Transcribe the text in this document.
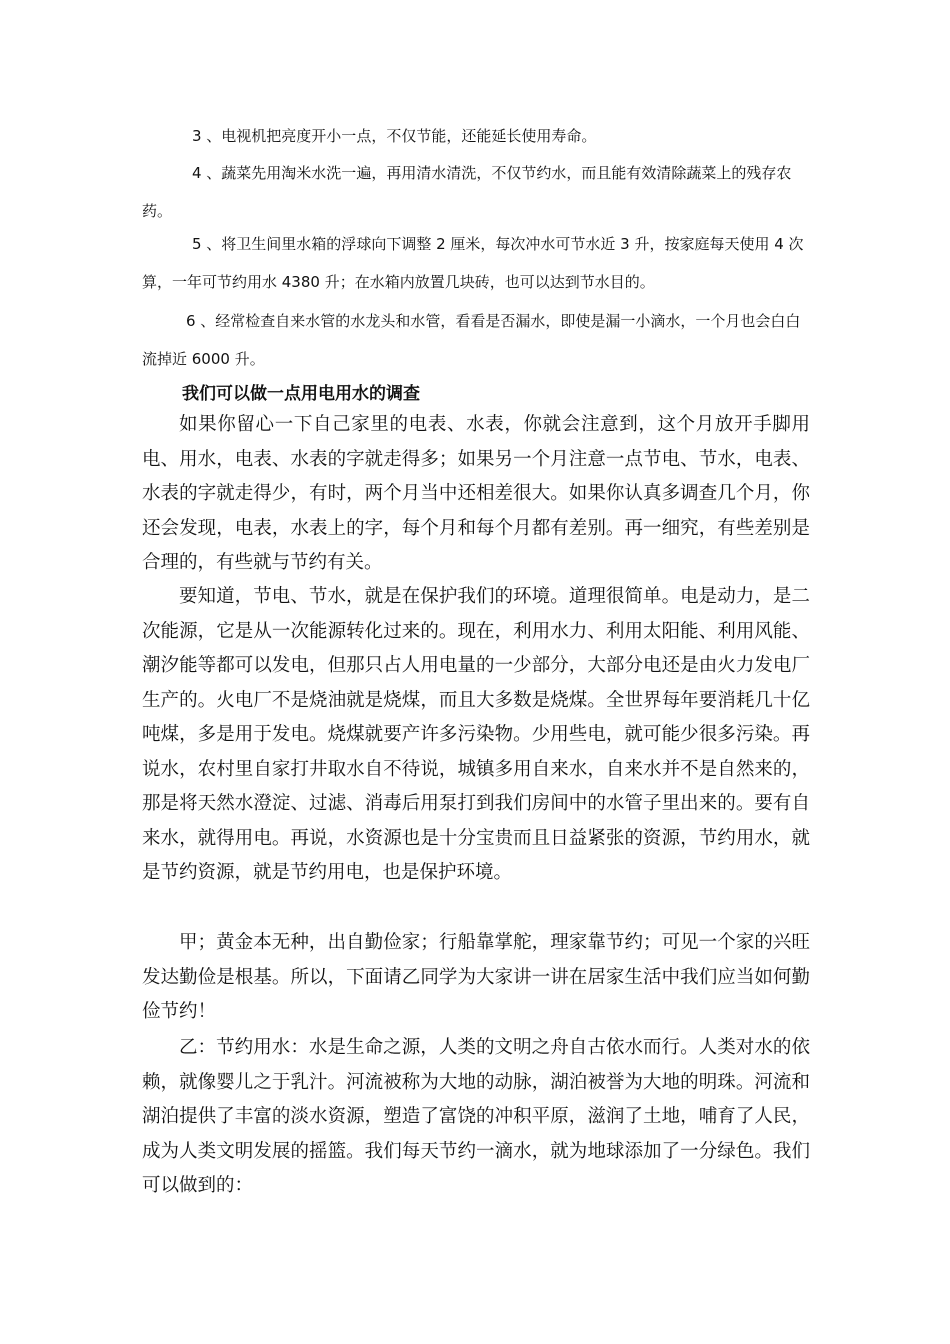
3 、电视机把亮度开小一点，不仅节能，还能延长使用寿命。

4 、蔬菜先用淘米水洗一遍，再用清水清洗，不仅节约水，而且能有效清除蔬菜上的残存农药。

5 、将卫生间里水箱的浮球向下调整 2 厘米，每次冲水可节水近 3 升，按家庭每天使用 4 次算，一年可节约用水 4380 升；在水箱内放置几块砖，也可以达到节水目的。

6 、经常检查自来水管的水龙头和水管，看看是否漏水，即使是漏一小滴水，一个月也会白白流掉近 6000 升。

我们可以做一点用电用水的调查

如果你留心一下自己家里的电表、水表，你就会注意到，这个月放开手脚用电、用水，电表、水表的字就走得多；如果另一个月注意一点节电、节水，电表、水表的字就走得少，有时，两个月当中还相差很大。如果你认真多调查几个月，你还会发现，电表，水表上的字，每个月和每个月都有差别。再一细究，有些差别是合理的，有些就与节约有关。

要知道，节电、节水，就是在保护我们的环境。道理很简单。电是动力，是二次能源，它是从一次能源转化过来的。现在，利用水力、利用太阳能、利用风能、潮汐能等都可以发电，但那只占人用电量的一少部分，大部分电还是由火力发电厂生产的。火电厂不是烧油就是烧煤，而且大多数是烧煤。全世界每年要消耗几十亿吨煤，多是用于发电。烧煤就要产许多污染物。少用些电，就可能少很多污染。再说水，农村里自家打井取水自不待说，城镇多用自来水，自来水并不是自然来的，那是将天然水澄淀、过滤、消毒后用泵打到我们房间中的水管子里出来的。要有自来水，就得用电。再说，水资源也是十分宝贵而且日益紧张的资源，节约用水，就是节约资源，就是节约用电，也是保护环境。

甲；黄金本无种，出自勤俭家；行船靠掌舵，理家靠节约；可见一个家的兴旺发达勤俭是根基。所以，下面请乙同学为大家讲一讲在居家生活中我们应当如何勤俭节约！

乙：节约用水：水是生命之源，人类的文明之舟自古依水而行。人类对水的依赖，就像婴儿之于乳汁。河流被称为大地的动脉，湖泊被誉为大地的明珠。河流和湖泊提供了丰富的淡水资源，塑造了富饶的冲积平原，滋润了土地，哺育了人民，成为人类文明发展的摇篮。我们每天节约一滴水，就为地球添加了一分绿色。我们可以做到的：
